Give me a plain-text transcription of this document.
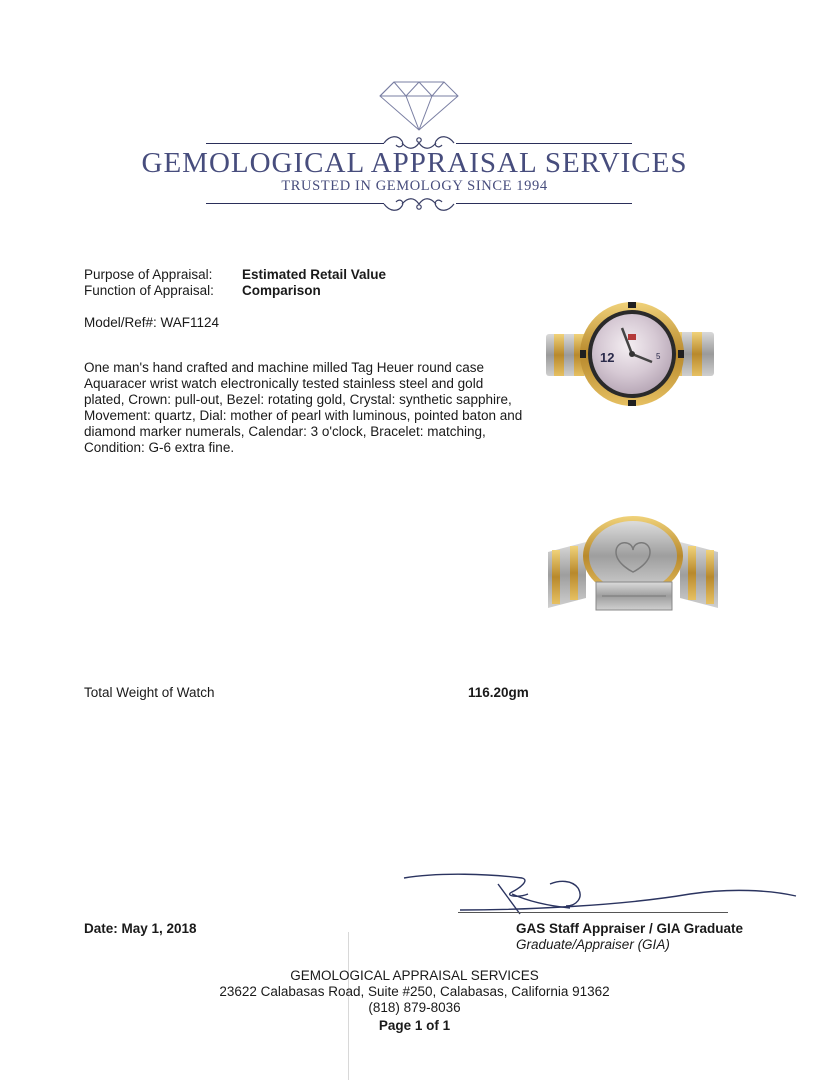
GEMOLOGICAL APPRAISAL SERVICES
TRUSTED IN GEMOLOGY SINCE 1994
Purpose of Appraisal: Estimated Retail Value
Function of Appraisal: Comparison
Model/Ref#: WAF1124
One man's hand crafted and machine milled Tag Heuer round case Aquaracer wrist watch electronically tested stainless steel and gold plated, Crown: pull-out, Bezel: rotating gold, Crystal: synthetic sapphire, Movement: quartz, Dial: mother of pearl with luminous, pointed baton and diamond marker numerals, Calendar: 3 o'clock, Bracelet: matching, Condition: G-6 extra fine.
12	5
Total Weight of Watch	116.20gm
Date: May 1, 2018	GAS Staff Appraiser / GIA Graduate
Graduate/Appraiser (GIA)
GEMOLOGICAL APPRAISAL SERVICES
23622 Calabasas Road, Suite #250, Calabasas, California 91362
(818) 879-8036
Page 1 of 1
